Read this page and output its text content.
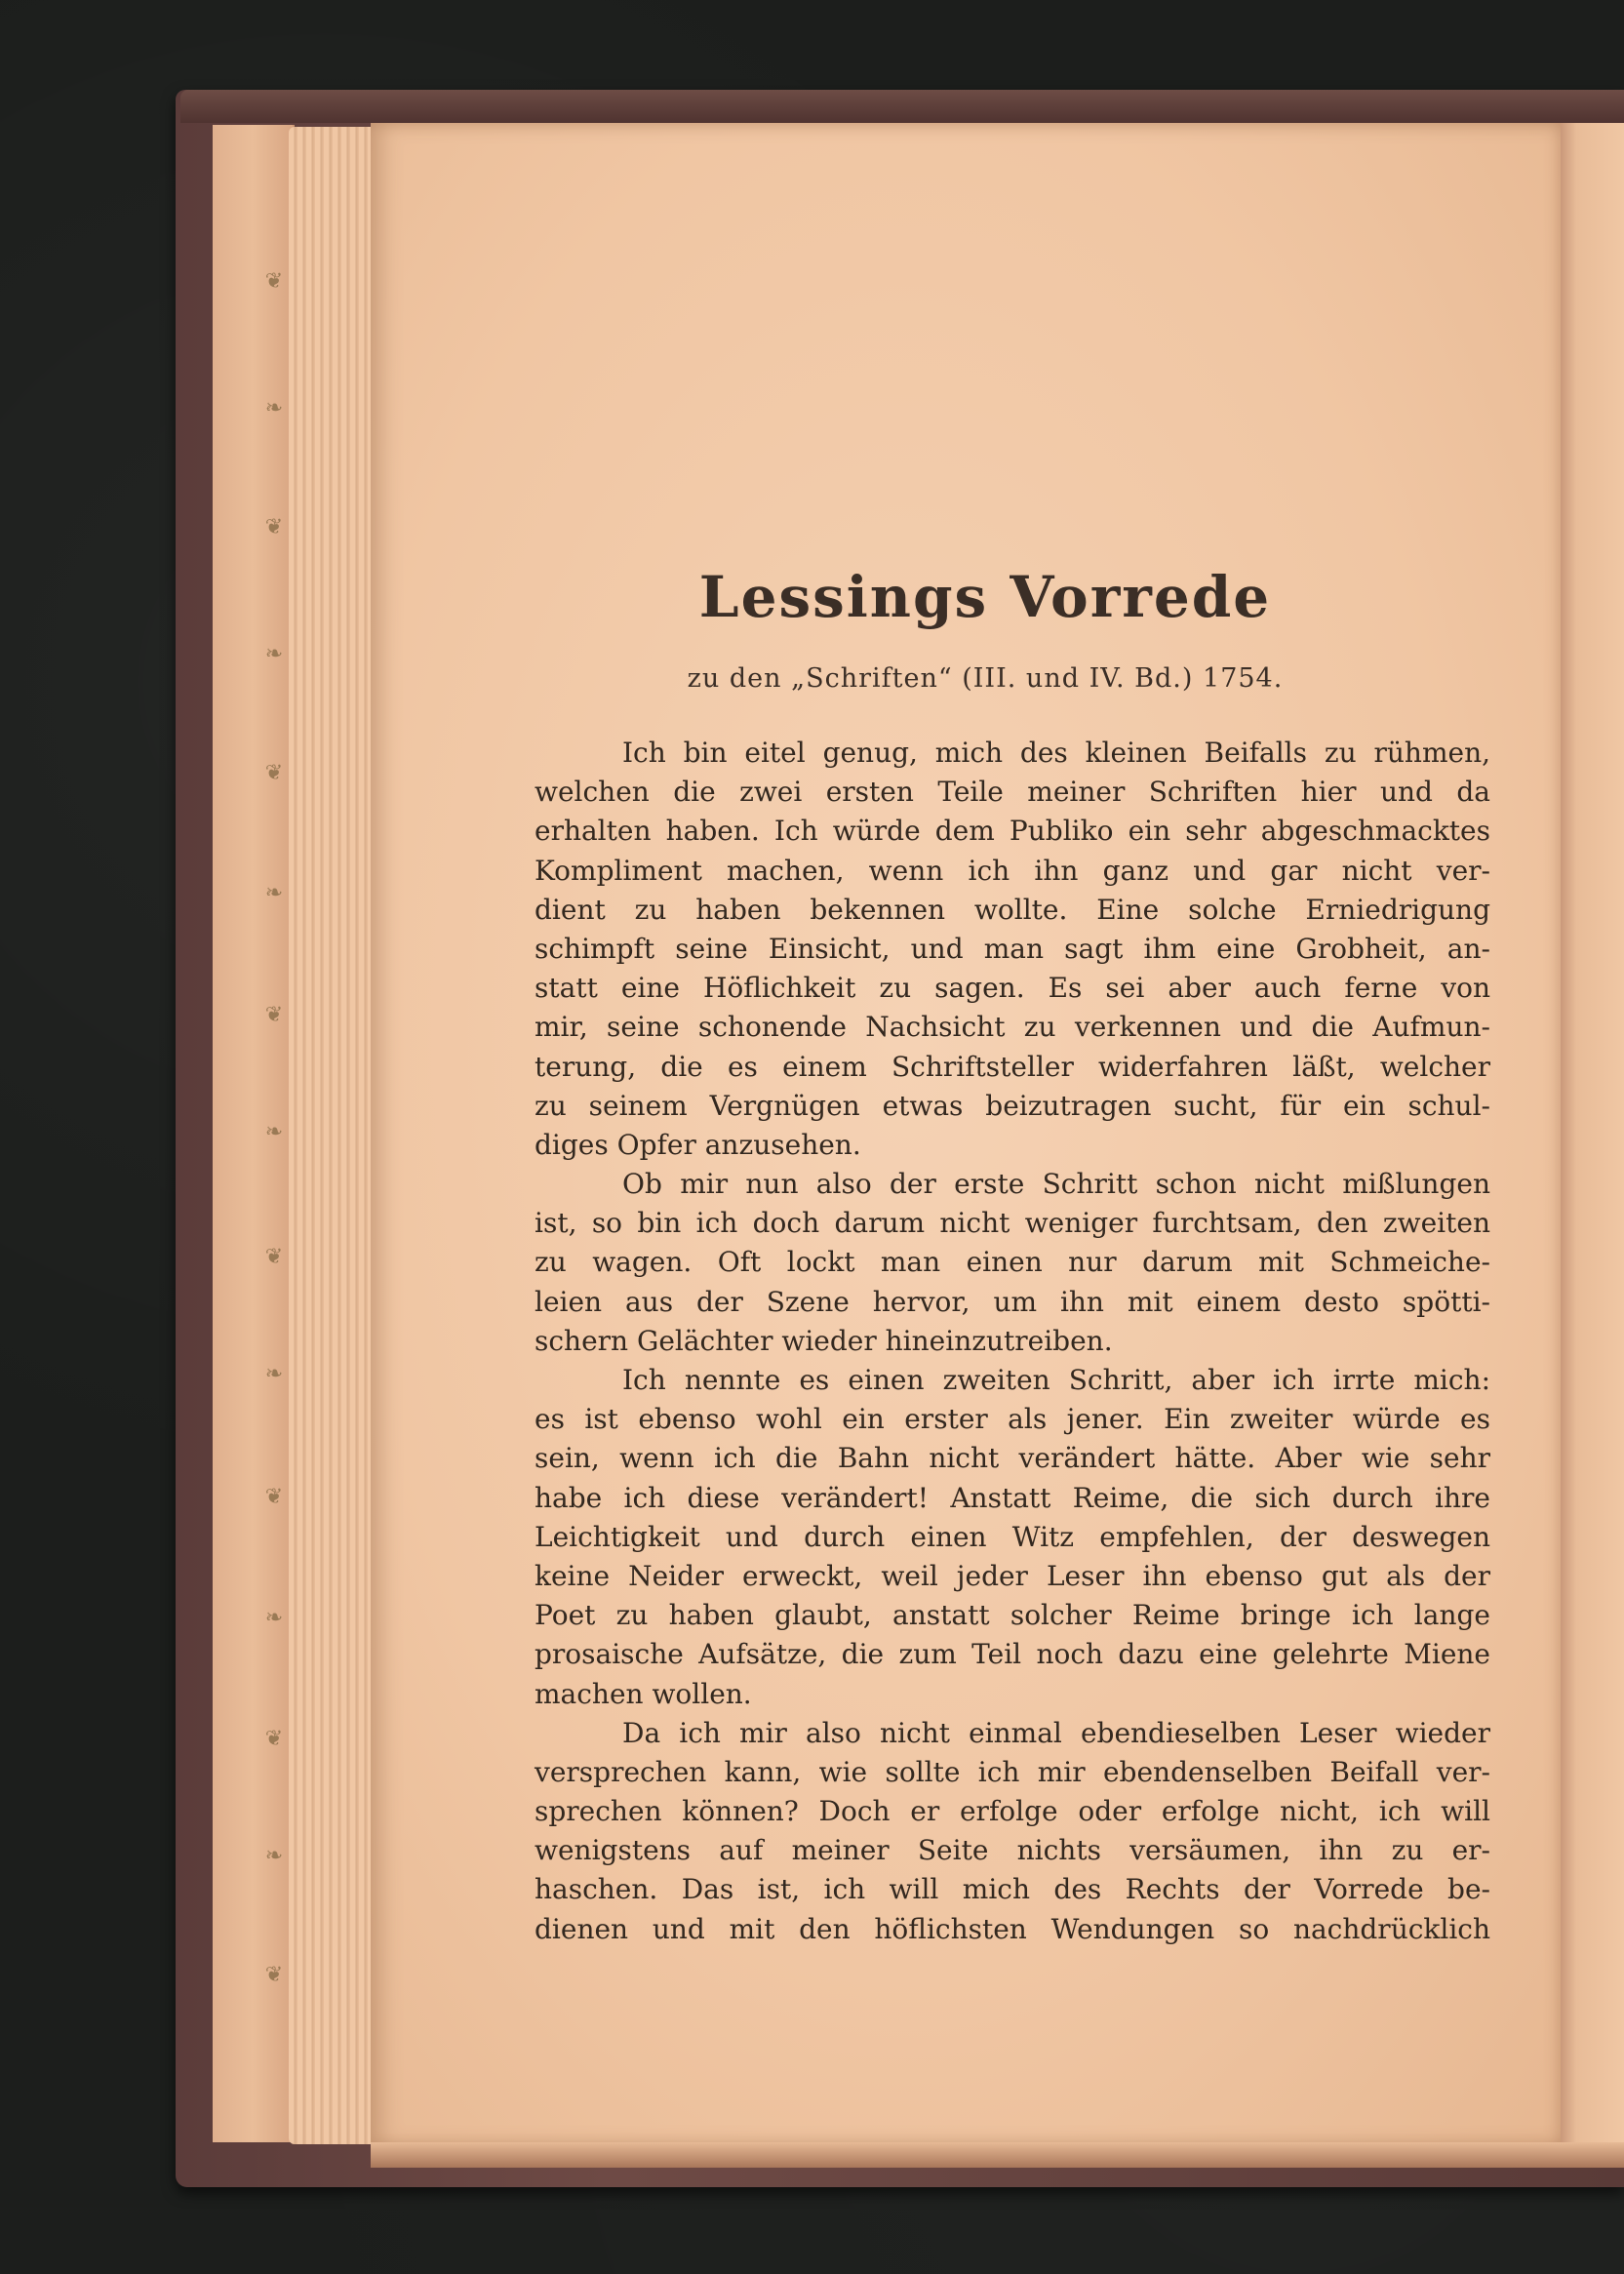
❦
❧
❦
❧
❦
❧
❦
❧
❦
❧
❦
❧
❦
❧
❦
Lessings Vorrede
zu den „Schriften“ (III. und IV. Bd.) 1754.

Ich bin eitel genug, mich des kleinen Beifalls zu rühmen,
welchen die zwei ersten Teile meiner Schriften hier und da
erhalten haben. Ich würde dem Publiko ein sehr abgeschmacktes
Kompliment machen, wenn ich ihn ganz und gar nicht ver-
dient zu haben bekennen wollte. Eine solche Erniedrigung
schimpft seine Einsicht, und man sagt ihm eine Grobheit, an-
statt eine Höflichkeit zu sagen. Es sei aber auch ferne von
mir, seine schonende Nachsicht zu verkennen und die Aufmun-
terung, die es einem Schriftsteller widerfahren läßt, welcher
zu seinem Vergnügen etwas beizutragen sucht, für ein schul-
diges Opfer anzusehen.

Ob mir nun also der erste Schritt schon nicht mißlungen
ist, so bin ich doch darum nicht weniger furchtsam, den zweiten
zu wagen. Oft lockt man einen nur darum mit Schmeiche-
leien aus der Szene hervor, um ihn mit einem desto spötti-
schern Gelächter wieder hineinzutreiben.

Ich nennte es einen zweiten Schritt, aber ich irrte mich:
es ist ebenso wohl ein erster als jener. Ein zweiter würde es
sein, wenn ich die Bahn nicht verändert hätte. Aber wie sehr
habe ich diese verändert! Anstatt Reime, die sich durch ihre
Leichtigkeit und durch einen Witz empfehlen, der deswegen
keine Neider erweckt, weil jeder Leser ihn ebenso gut als der
Poet zu haben glaubt, anstatt solcher Reime bringe ich lange
prosaische Aufsätze, die zum Teil noch dazu eine gelehrte Miene
machen wollen.

Da ich mir also nicht einmal ebendieselben Leser wieder
versprechen kann, wie sollte ich mir ebendenselben Beifall ver-
sprechen können? Doch er erfolge oder erfolge nicht, ich will
wenigstens auf meiner Seite nichts versäumen, ihn zu er-
haschen. Das ist, ich will mich des Rechts der Vorrede be-
dienen und mit den höflichsten Wendungen so nachdrücklich
